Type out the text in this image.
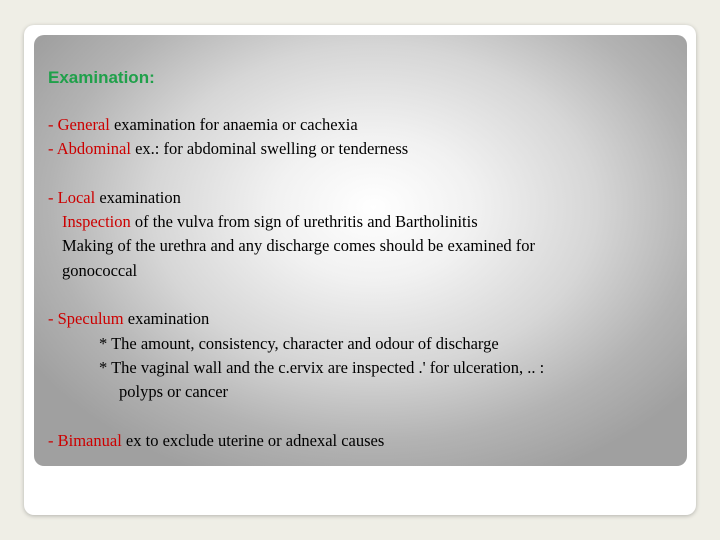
Examination:
- General examination for anaemia or cachexia
- Abdominal ex.: for abdominal swelling or tenderness
- Local examination
Inspection of the vulva from sign of urethritis and Bartholinitis
Making of the urethra and any discharge comes should be examined for
gonococcal
- Speculum examination
* The amount, consistency, character and odour of discharge
* The vaginal wall and the c.ervix are inspected .' for ulceration, .. :
polyps or cancer
- Bimanual ex to exclude uterine or adnexal causes
